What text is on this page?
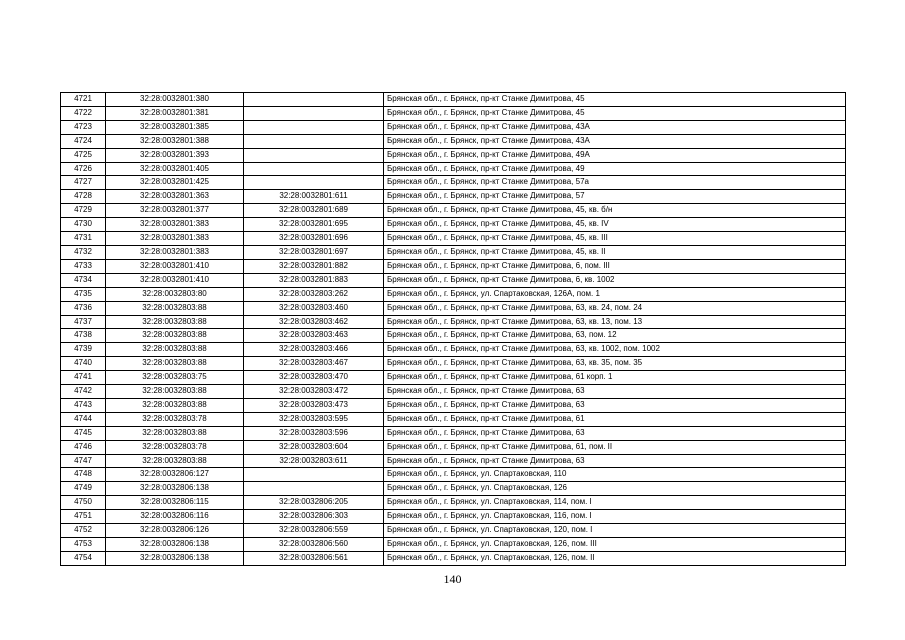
4721	32:28:0032801:380		Брянская обл., г. Брянск, пр-кт Станке Димитрова, 45
4722	32:28:0032801:381		Брянская обл., г. Брянск, пр-кт Станке Димитрова, 45
4723	32:28:0032801:385		Брянская обл., г. Брянск, пр-кт Станке Димитрова, 43А
4724	32:28:0032801:388		Брянская обл., г. Брянск, пр-кт Станке Димитрова, 43А
4725	32:28:0032801:393		Брянская обл., г. Брянск, пр-кт Станке Димитрова, 49А
4726	32:28:0032801:405		Брянская обл., г. Брянск, пр-кт Станке Димитрова, 49
4727	32:28:0032801:425		Брянская обл., г. Брянск, пр-кт Станке Димитрова, 57а
4728	32:28:0032801:363	32:28:0032801:611	Брянская обл., г. Брянск, пр-кт Станке Димитрова, 57
4729	32:28:0032801:377	32:28:0032801:689	Брянская обл., г. Брянск, пр-кт Станке Димитрова, 45, кв. б/н
4730	32:28:0032801:383	32:28:0032801:695	Брянская обл., г. Брянск, пр-кт Станке Димитрова, 45, кв. IV
4731	32:28:0032801:383	32:28:0032801:696	Брянская обл., г. Брянск, пр-кт Станке Димитрова, 45, кв. III
4732	32:28:0032801:383	32:28:0032801:697	Брянская обл., г. Брянск, пр-кт Станке Димитрова, 45, кв. II
4733	32:28:0032801:410	32:28:0032801:882	Брянская обл., г. Брянск, пр-кт Станке Димитрова, 6, пом. III
4734	32:28:0032801:410	32:28:0032801:883	Брянская обл., г. Брянск, пр-кт Станке Димитрова, 6, кв. 1002
4735	32:28:0032803:80	32:28:0032803:262	Брянская обл., г. Брянск, ул. Спартаковская, 126А, пом. 1
4736	32:28:0032803:88	32:28:0032803:460	Брянская обл., г. Брянск, пр-кт Станке Димитрова, 63, кв. 24, пом. 24
4737	32:28:0032803:88	32:28:0032803:462	Брянская обл., г. Брянск, пр-кт Станке Димитрова, 63, кв. 13, пом. 13
4738	32:28:0032803:88	32:28:0032803:463	Брянская обл., г. Брянск, пр-кт Станке Димитрова, 63, пом. 12
4739	32:28:0032803:88	32:28:0032803:466	Брянская обл., г. Брянск, пр-кт Станке Димитрова, 63, кв. 1002, пом. 1002
4740	32:28:0032803:88	32:28:0032803:467	Брянская обл., г. Брянск, пр-кт Станке Димитрова, 63, кв. 35, пом. 35
4741	32:28:0032803:75	32:28:0032803:470	Брянская обл., г. Брянск, пр-кт Станке Димитрова, 61 корп. 1
4742	32:28:0032803:88	32:28:0032803:472	Брянская обл., г. Брянск, пр-кт Станке Димитрова, 63
4743	32:28:0032803:88	32:28:0032803:473	Брянская обл., г. Брянск, пр-кт Станке Димитрова, 63
4744	32:28:0032803:78	32:28:0032803:595	Брянская обл., г. Брянск, пр-кт Станке Димитрова, 61
4745	32:28:0032803:88	32:28:0032803:596	Брянская обл., г. Брянск, пр-кт Станке Димитрова, 63
4746	32:28:0032803:78	32:28:0032803:604	Брянская обл., г. Брянск, пр-кт Станке Димитрова, 61, пом. II
4747	32:28:0032803:88	32:28:0032803:611	Брянская обл., г. Брянск, пр-кт Станке Димитрова, 63
4748	32:28:0032806:127		Брянская обл., г. Брянск, ул. Спартаковская, 110
4749	32:28:0032806:138		Брянская обл., г. Брянск, ул. Спартаковская, 126
4750	32:28:0032806:115	32:28:0032806:205	Брянская обл., г. Брянск, ул. Спартаковская, 114, пом. I
4751	32:28:0032806:116	32:28:0032806:303	Брянская обл., г. Брянск, ул. Спартаковская, 116, пом. I
4752	32:28:0032806:126	32:28:0032806:559	Брянская обл., г. Брянск, ул. Спартаковская, 120, пом. I
4753	32:28:0032806:138	32:28:0032806:560	Брянская обл., г. Брянск, ул. Спартаковская, 126, пом. III
4754	32:28:0032806:138	32:28:0032806:561	Брянская обл., г. Брянск, ул. Спартаковская, 126, пом. II
140
